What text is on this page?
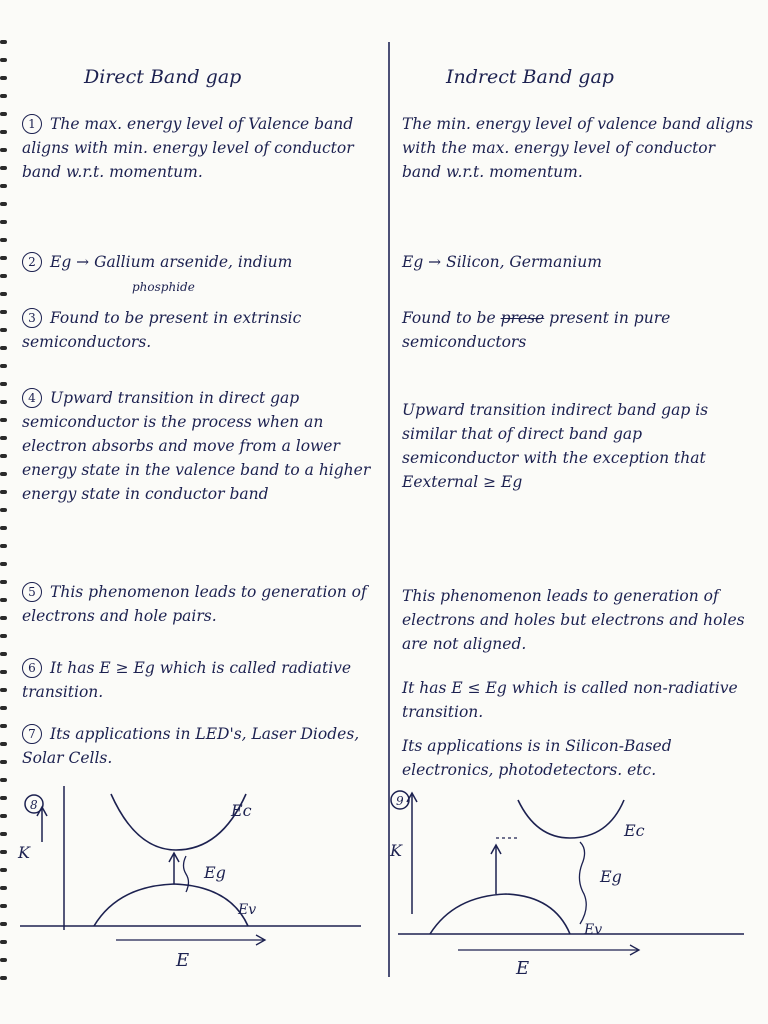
Direct Band gap	Indrect Band gap
1 The max. energy level of Valence band aligns with min. energy level of conductor band w.r.t. momentum.
2 Eg → Gallium arsenide, indium
phosphide
3 Found to be present in extrinsic semiconductors.
4 Upward transition in direct gap semiconductor is the process when an electron absorbs and move from a lower energy state in the valence band to a higher energy state in conductor band
5 This phenomenon leads to generation of electrons and hole pairs.
6 It has E ≥ Eg which is called radiative transition.
7 Its applications in LED's, Laser Diodes, Solar Cells.
The min. energy level of valence band aligns with the max. energy level of conductor band w.r.t. momentum.
Eg → Silicon, Germanium
Found to be prese present in pure semiconductors
Upward transition indirect band gap is similar that of direct band gap semiconductor with the exception that Eexternal ≥ Eg
This phenomenon leads to generation of electrons and holes but electrons and holes are not aligned.
It has E ≤ Eg which is called non-radiative transition.
Its applications is in Silicon-Based electronics, photodetectors. etc.
8
K
Ec
Ev
Eg
E
9
K
Ec
Ev
Eg
E
